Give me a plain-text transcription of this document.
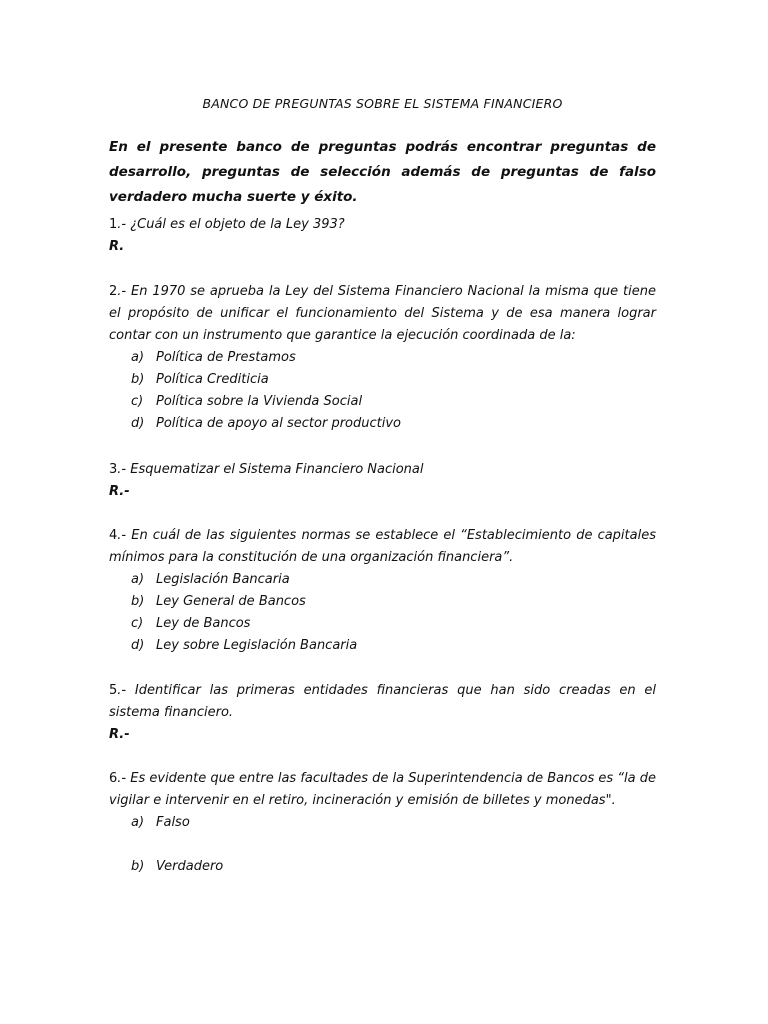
BANCO DE PREGUNTAS SOBRE EL SISTEMA FINANCIERO
En el presente banco de preguntas podrás encontrar preguntas de desarrollo, preguntas de selección además de preguntas de falso verdadero mucha suerte y éxito.
1.- ¿Cuál es el objeto de la Ley 393?
R.
2.- En 1970 se aprueba la Ley del Sistema Financiero Nacional la misma que tiene el propósito de unificar el funcionamiento del Sistema y de esa manera lograr contar con un instrumento que garantice la ejecución coordinada de la:
a) Política de Prestamos
b) Política Crediticia
c) Política sobre la Vivienda Social
d) Política de apoyo al sector productivo
3.- Esquematizar el Sistema Financiero Nacional
R.-
4.- En cuál de las siguientes normas se establece el “Establecimiento de capitales mínimos para la constitución de una organización financiera”.
a) Legislación Bancaria
b) Ley General de Bancos
c) Ley de Bancos
d) Ley sobre Legislación Bancaria
5.- Identificar las primeras entidades financieras que han sido creadas en el sistema financiero.
R.-
6.- Es evidente que entre las facultades de la Superintendencia de Bancos es “la de vigilar e intervenir en el retiro, incineración y emisión de billetes y monedas".
a) Falso
b) Verdadero
